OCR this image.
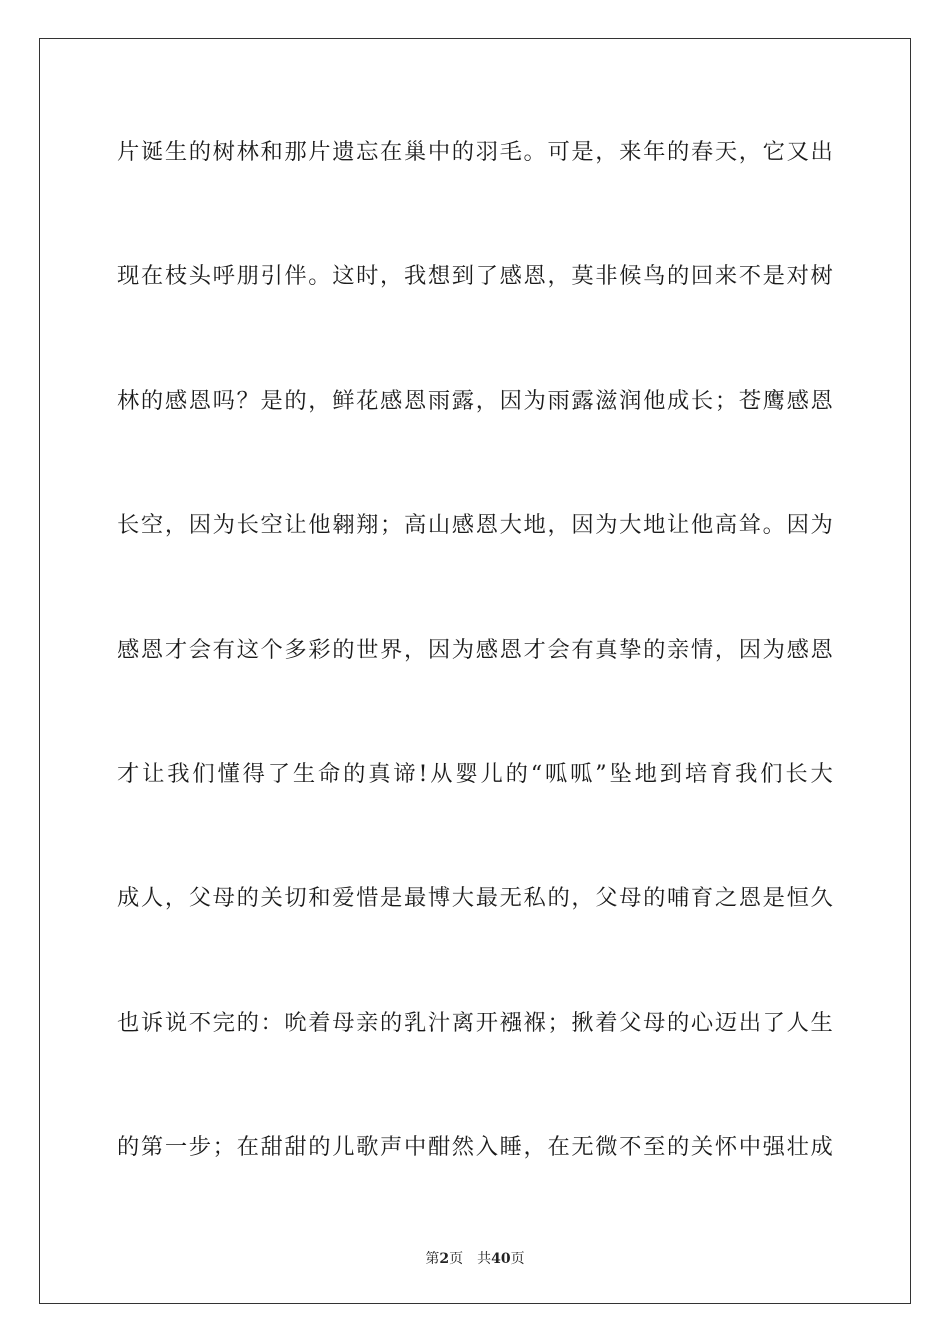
片诞生的树林和那片遗忘在巢中的羽毛。可是，来年的春天，它又出
现在枝头呼朋引伴。这时，我想到了感恩，莫非候鸟的回来不是对树
林的感恩吗？是的，鲜花感恩雨露，因为雨露滋润他成长；苍鹰感恩
长空，因为长空让他翱翔；高山感恩大地，因为大地让他高耸。因为
感恩才会有这个多彩的世界，因为感恩才会有真挚的亲情，因为感恩
才让我们懂得了生命的真谛!从婴儿的“呱呱”坠地到培育我们长大
成人，父母的关切和爱惜是最博大最无私的，父母的哺育之恩是恒久
也诉说不完的：吮着母亲的乳汁离开襁褓；揪着父母的心迈出了人生
的第一步；在甜甜的儿歌声中酣然入睡，在无微不至的关怀中强壮成
第2页 共40页
